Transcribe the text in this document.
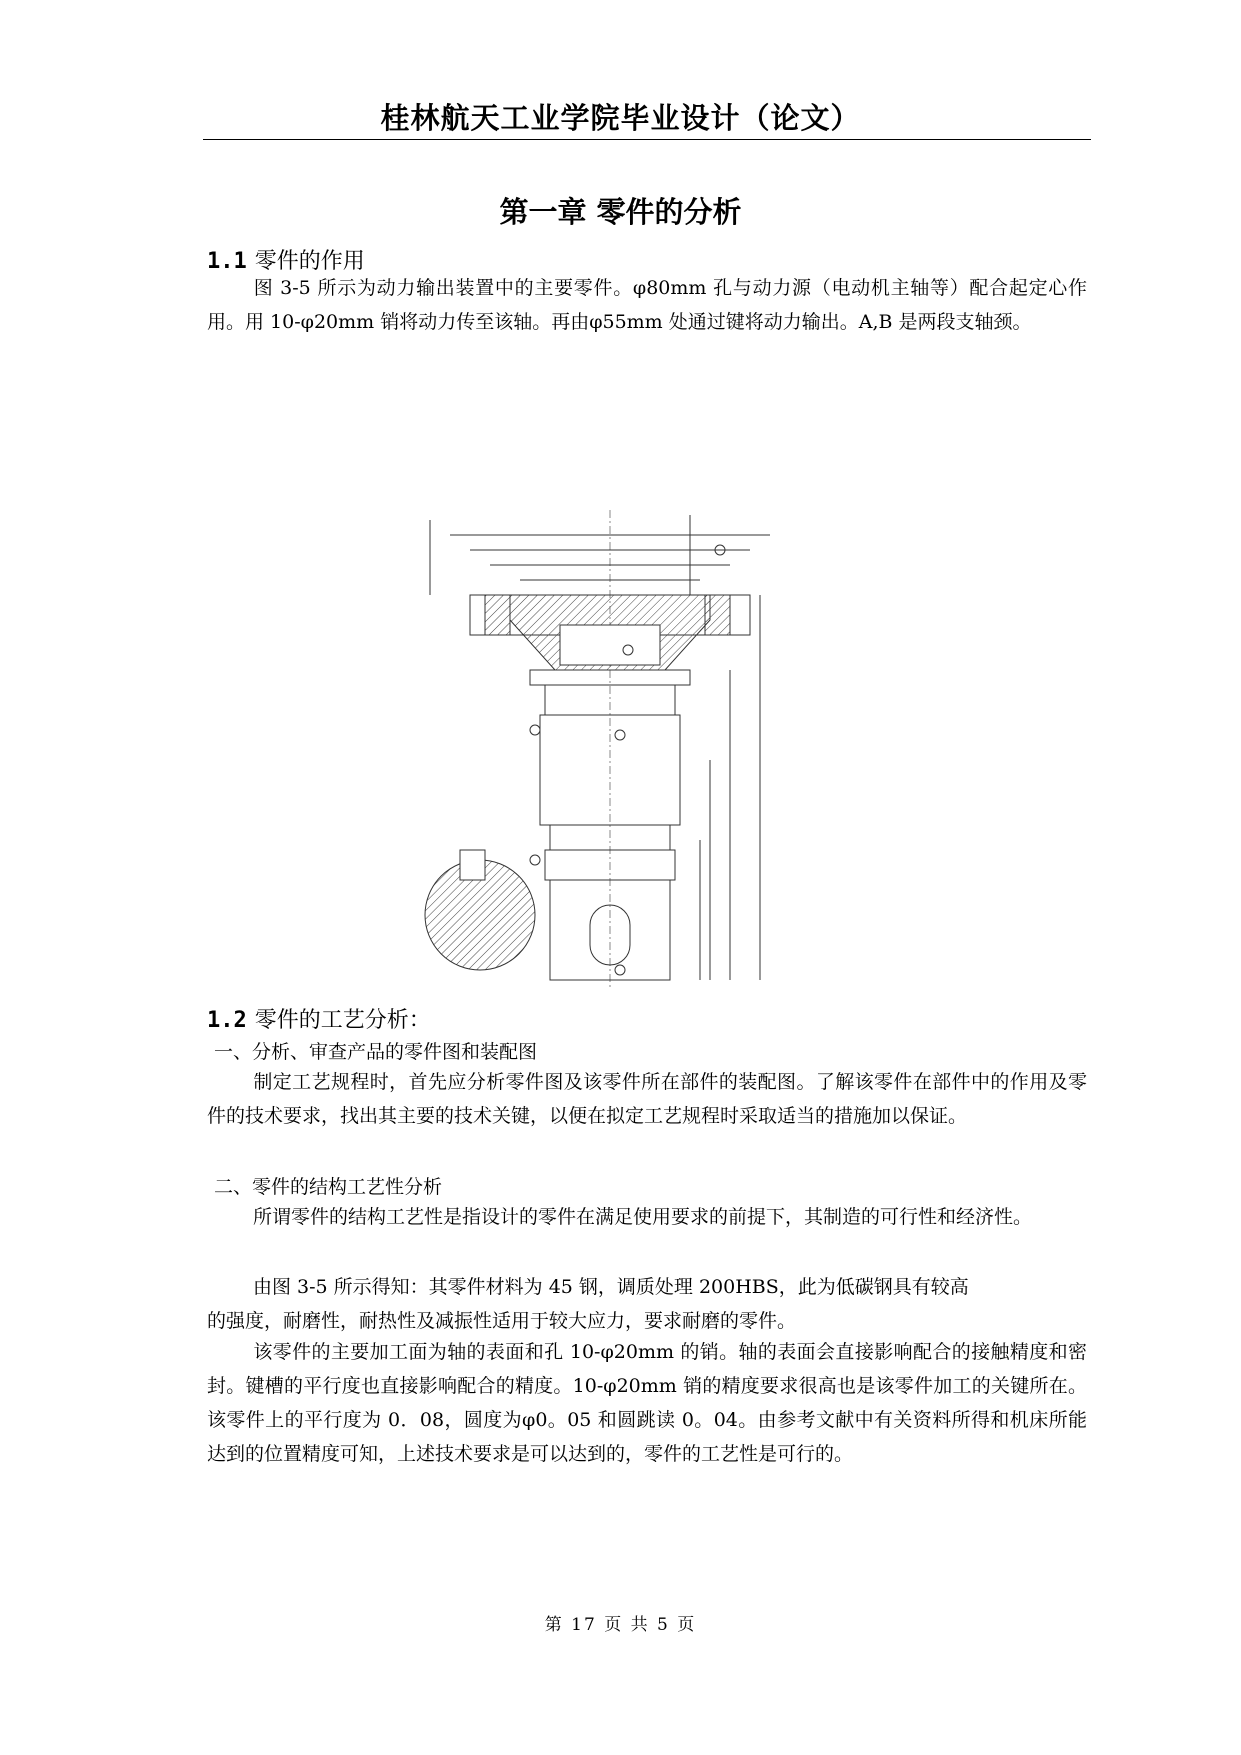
桂林航天工业学院毕业设计（论文）
第一章 零件的分析
1.1 零件的作用
图 3-5 所示为动力输出装置中的主要零件。φ80mm 孔与动力源（电动机主轴等）配合起定心作用。用 10-φ20mm 销将动力传至该轴。再由φ55mm 处通过键将动力输出。A,B 是两段支轴颈。
1.2 零件的工艺分析：
一、分析、审查产品的零件图和装配图
制定工艺规程时，首先应分析零件图及该零件所在部件的装配图。了解该零件在部件中的作用及零件的技术要求，找出其主要的技术关键，以便在拟定工艺规程时采取适当的措施加以保证。
二、零件的结构工艺性分析
所谓零件的结构工艺性是指设计的零件在满足使用要求的前提下，其制造的可行性和经济性。
由图 3-5 所示得知：其零件材料为 45 钢，调质处理 200HBS，此为低碳钢具有较高
的强度，耐磨性，耐热性及减振性适用于较大应力，要求耐磨的零件。
该零件的主要加工面为轴的表面和孔 10-φ20mm 的销。轴的表面会直接影响配合的接触精度和密封。键槽的平行度也直接影响配合的精度。10-φ20mm 销的精度要求很高也是该零件加工的关键所在。该零件上的平行度为 0．08，圆度为φ0。05 和圆跳读 0。04。由参考文献中有关资料所得和机床所能达到的位置精度可知，上述技术要求是可以达到的，零件的工艺性是可行的。
第 17 页 共 5 页
